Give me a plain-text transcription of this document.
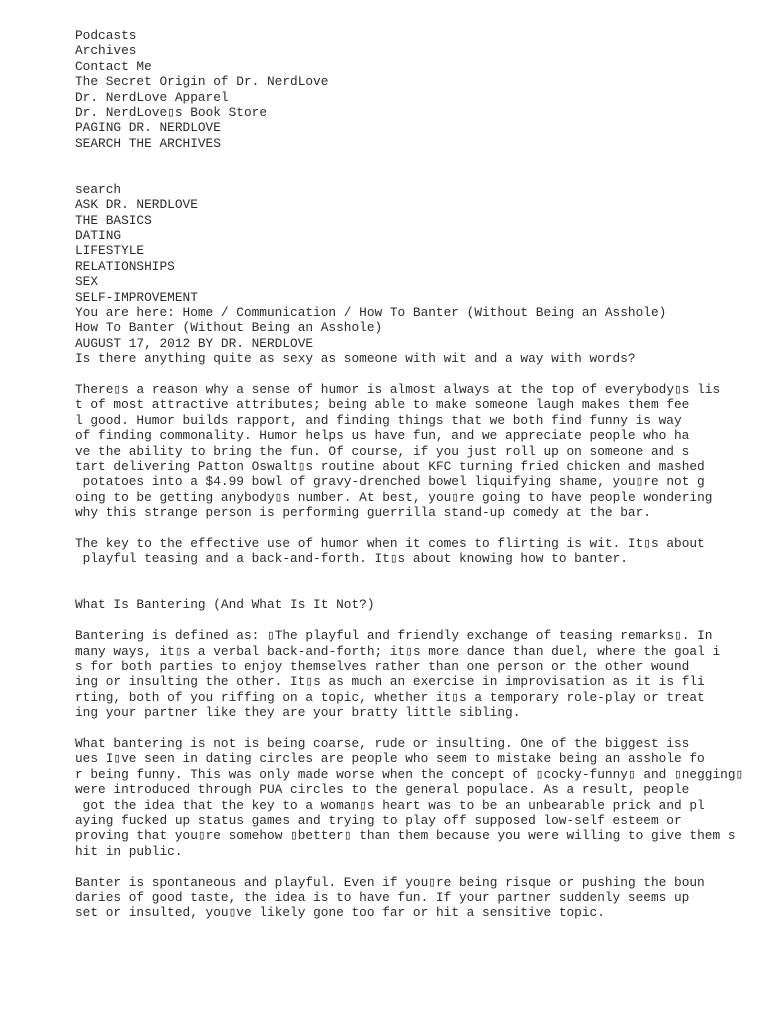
Podcasts
Archives
Contact Me
The Secret Origin of Dr. NerdLove
Dr. NerdLove Apparel
Dr. NerdLove▯s Book Store
PAGING DR. NERDLOVE
SEARCH THE ARCHIVES
search
ASK DR. NERDLOVE
THE BASICS
DATING
LIFESTYLE
RELATIONSHIPS
SEX
SELF-IMPROVEMENT
You are here: Home / Communication / How To Banter (Without Being an Asshole)
How To Banter (Without Being an Asshole)
AUGUST 17, 2012 BY DR. NERDLOVE
Is there anything quite as sexy as someone with wit and a way with words?

There▯s a reason why a sense of humor is almost always at the top of everybody▯s lis
t of most attractive attributes; being able to make someone laugh makes them fee
l good. Humor builds rapport, and finding things that we both find funny is way
of finding commonality. Humor helps us have fun, and we appreciate people who ha
ve the ability to bring the fun. Of course, if you just roll up on someone and s
tart delivering Patton Oswalt▯s routine about KFC turning fried chicken and mashed
potatoes into a $4.99 bowl of gravy-drenched bowel liquifying shame, you▯re not g
oing to be getting anybody▯s number. At best, you▯re going to have people wondering
why this strange person is performing guerrilla stand-up comedy at the bar.

The key to the effective use of humor when it comes to flirting is wit. It▯s about
playful teasing and a back-and-forth. It▯s about knowing how to banter.

What Is Bantering (And What Is It Not?)

Bantering is defined as: ▯The playful and friendly exchange of teasing remarks▯. In
many ways, it▯s a verbal back-and-forth; it▯s more dance than duel, where the goal i
s for both parties to enjoy themselves rather than one person or the other wound
ing or insulting the other. It▯s as much an exercise in improvisation as it is fli
rting, both of you riffing on a topic, whether it▯s a temporary role-play or treat
ing your partner like they are your bratty little sibling.

What bantering is not is being coarse, rude or insulting. One of the biggest iss
ues I▯ve seen in dating circles are people who seem to mistake being an asshole fo
r being funny. This was only made worse when the concept of ▯cocky-funny▯ and ▯negging▯
were introduced through PUA circles to the general populace. As a result, people
got the idea that the key to a woman▯s heart was to be an unbearable prick and pl
aying fucked up status games and trying to play off supposed low-self esteem or
proving that you▯re somehow ▯better▯ than them because you were willing to give them s
hit in public.

Banter is spontaneous and playful. Even if you▯re being risque or pushing the boun
daries of good taste, the idea is to have fun. If your partner suddenly seems up
set or insulted, you▯ve likely gone too far or hit a sensitive topic.
